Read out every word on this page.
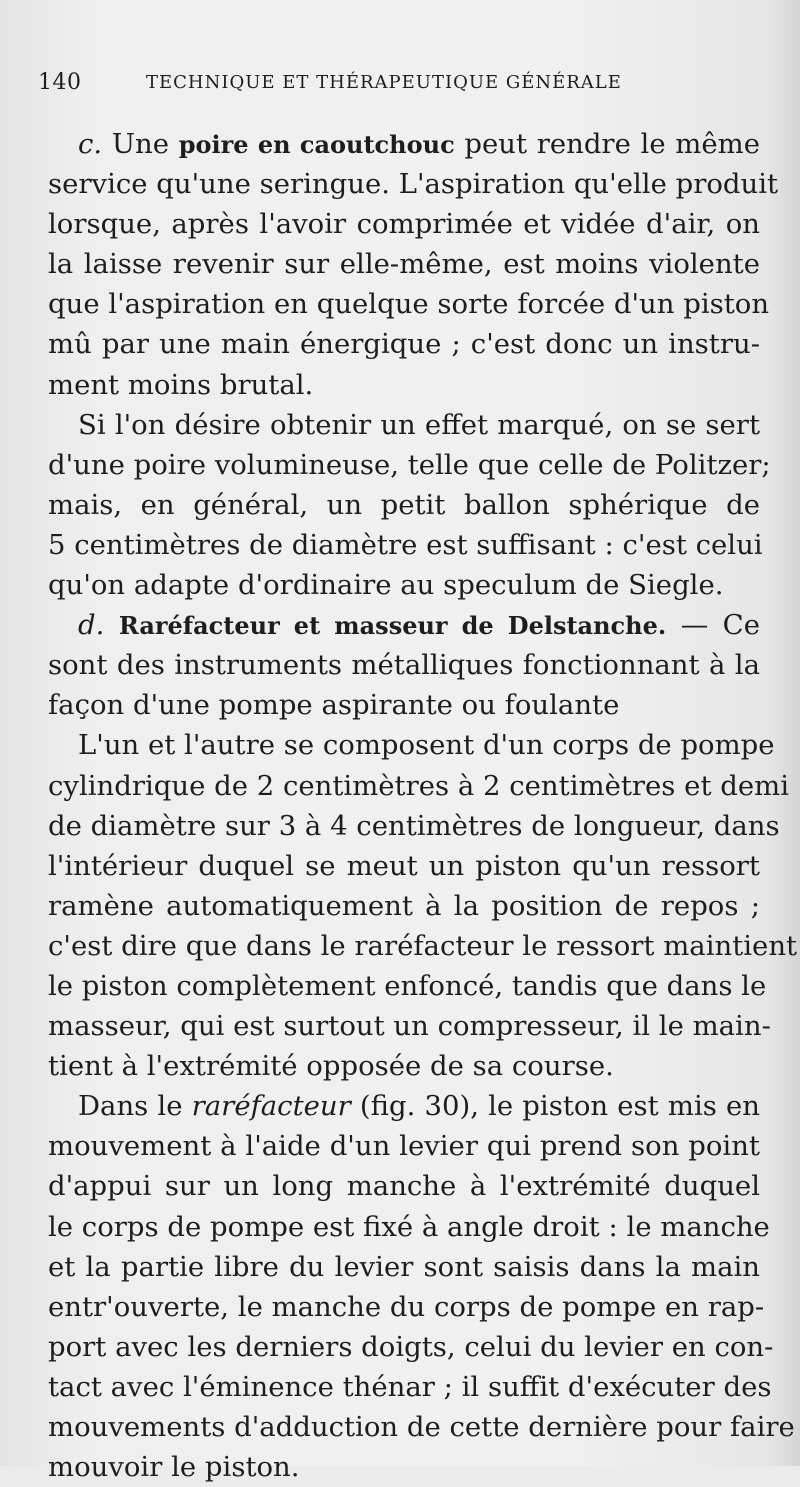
140	TECHNIQUE ET THÉRAPEUTIQUE GÉNÉRALE
c. Une poire en caoutchouc peut rendre le même
service qu'une seringue. L'aspiration qu'elle produit
lorsque, après l'avoir comprimée et vidée d'air, on
la laisse revenir sur elle-même, est moins violente
que l'aspiration en quelque sorte forcée d'un piston
mû par une main énergique ; c'est donc un instru-
ment moins brutal.
Si l'on désire obtenir un effet marqué, on se sert
d'une poire volumineuse, telle que celle de Politzer;
mais, en général, un petit ballon sphérique de
5 centimètres de diamètre est suffisant : c'est celui
qu'on adapte d'ordinaire au speculum de Siegle.
d. Raréfacteur et masseur de Delstanche. — Ce
sont des instruments métalliques fonctionnant à la
façon d'une pompe aspirante ou foulante
L'un et l'autre se composent d'un corps de pompe
cylindrique de 2 centimètres à 2 centimètres et demi
de diamètre sur 3 à 4 centimètres de longueur, dans
l'intérieur duquel se meut un piston qu'un ressort
ramène automatiquement à la position de repos ;
c'est dire que dans le raréfacteur le ressort maintient
le piston complètement enfoncé, tandis que dans le
masseur, qui est surtout un compresseur, il le main-
tient à l'extrémité opposée de sa course.
Dans le raréfacteur (fig. 30), le piston est mis en
mouvement à l'aide d'un levier qui prend son point
d'appui sur un long manche à l'extrémité duquel
le corps de pompe est fixé à angle droit : le manche
et la partie libre du levier sont saisis dans la main
entr'ouverte, le manche du corps de pompe en rap-
port avec les derniers doigts, celui du levier en con-
tact avec l'éminence thénar ; il suffit d'exécuter des
mouvements d'adduction de cette dernière pour faire
mouvoir le piston.
